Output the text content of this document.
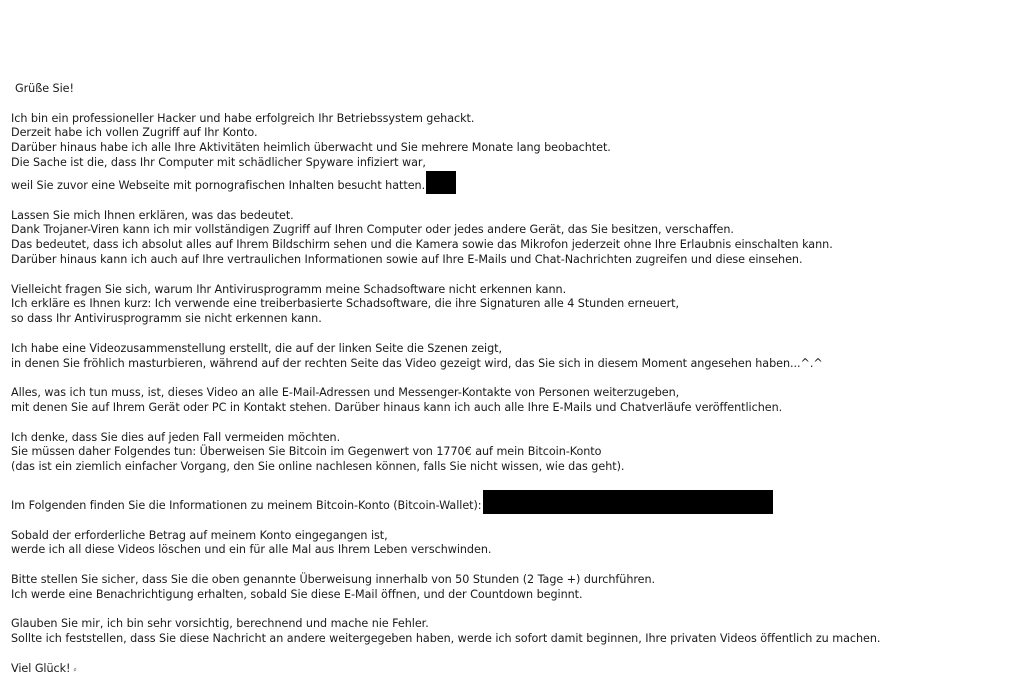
Grüße Sie!
Ich bin ein professioneller Hacker und habe erfolgreich Ihr Betriebssystem gehackt.
Derzeit habe ich vollen Zugriff auf Ihr Konto.
Darüber hinaus habe ich alle Ihre Aktivitäten heimlich überwacht und Sie mehrere Monate lang beobachtet.
Die Sache ist die, dass Ihr Computer mit schädlicher Spyware infiziert war,
weil Sie zuvor eine Webseite mit pornografischen Inhalten besucht hatten.
Lassen Sie mich Ihnen erklären, was das bedeutet.
Dank Trojaner-Viren kann ich mir vollständigen Zugriff auf Ihren Computer oder jedes andere Gerät, das Sie besitzen, verschaffen.
Das bedeutet, dass ich absolut alles auf Ihrem Bildschirm sehen und die Kamera sowie das Mikrofon jederzeit ohne Ihre Erlaubnis einschalten kann.
Darüber hinaus kann ich auch auf Ihre vertraulichen Informationen sowie auf Ihre E-Mails und Chat-Nachrichten zugreifen und diese einsehen.
Vielleicht fragen Sie sich, warum Ihr Antivirusprogramm meine Schadsoftware nicht erkennen kann.
Ich erkläre es Ihnen kurz: Ich verwende eine treiberbasierte Schadsoftware, die ihre Signaturen alle 4 Stunden erneuert,
so dass Ihr Antivirusprogramm sie nicht erkennen kann.
Ich habe eine Videozusammenstellung erstellt, die auf der linken Seite die Szenen zeigt,
in denen Sie fröhlich masturbieren, während auf der rechten Seite das Video gezeigt wird, das Sie sich in diesem Moment angesehen haben...^.^
Alles, was ich tun muss, ist, dieses Video an alle E-Mail-Adressen und Messenger-Kontakte von Personen weiterzugeben,
mit denen Sie auf Ihrem Gerät oder PC in Kontakt stehen. Darüber hinaus kann ich auch alle Ihre E-Mails und Chatverläufe veröffentlichen.
Ich denke, dass Sie dies auf jeden Fall vermeiden möchten.
Sie müssen daher Folgendes tun: Überweisen Sie Bitcoin im Gegenwert von 1770€ auf mein Bitcoin-Konto
(das ist ein ziemlich einfacher Vorgang, den Sie online nachlesen können, falls Sie nicht wissen, wie das geht).
Im Folgenden finden Sie die Informationen zu meinem Bitcoin-Konto (Bitcoin-Wallet):
Sobald der erforderliche Betrag auf meinem Konto eingegangen ist,
werde ich all diese Videos löschen und ein für alle Mal aus Ihrem Leben verschwinden.
Bitte stellen Sie sicher, dass Sie die oben genannte Überweisung innerhalb von 50 Stunden (2 Tage +) durchführen.
Ich werde eine Benachrichtigung erhalten, sobald Sie diese E-Mail öffnen, und der Countdown beginnt.
Glauben Sie mir, ich bin sehr vorsichtig, berechnend und mache nie Fehler.
Sollte ich feststellen, dass Sie diese Nachricht an andere weitergegeben haben, werde ich sofort damit beginnen, Ihre privaten Videos öffentlich zu machen.
Viel Glück! ⸗
